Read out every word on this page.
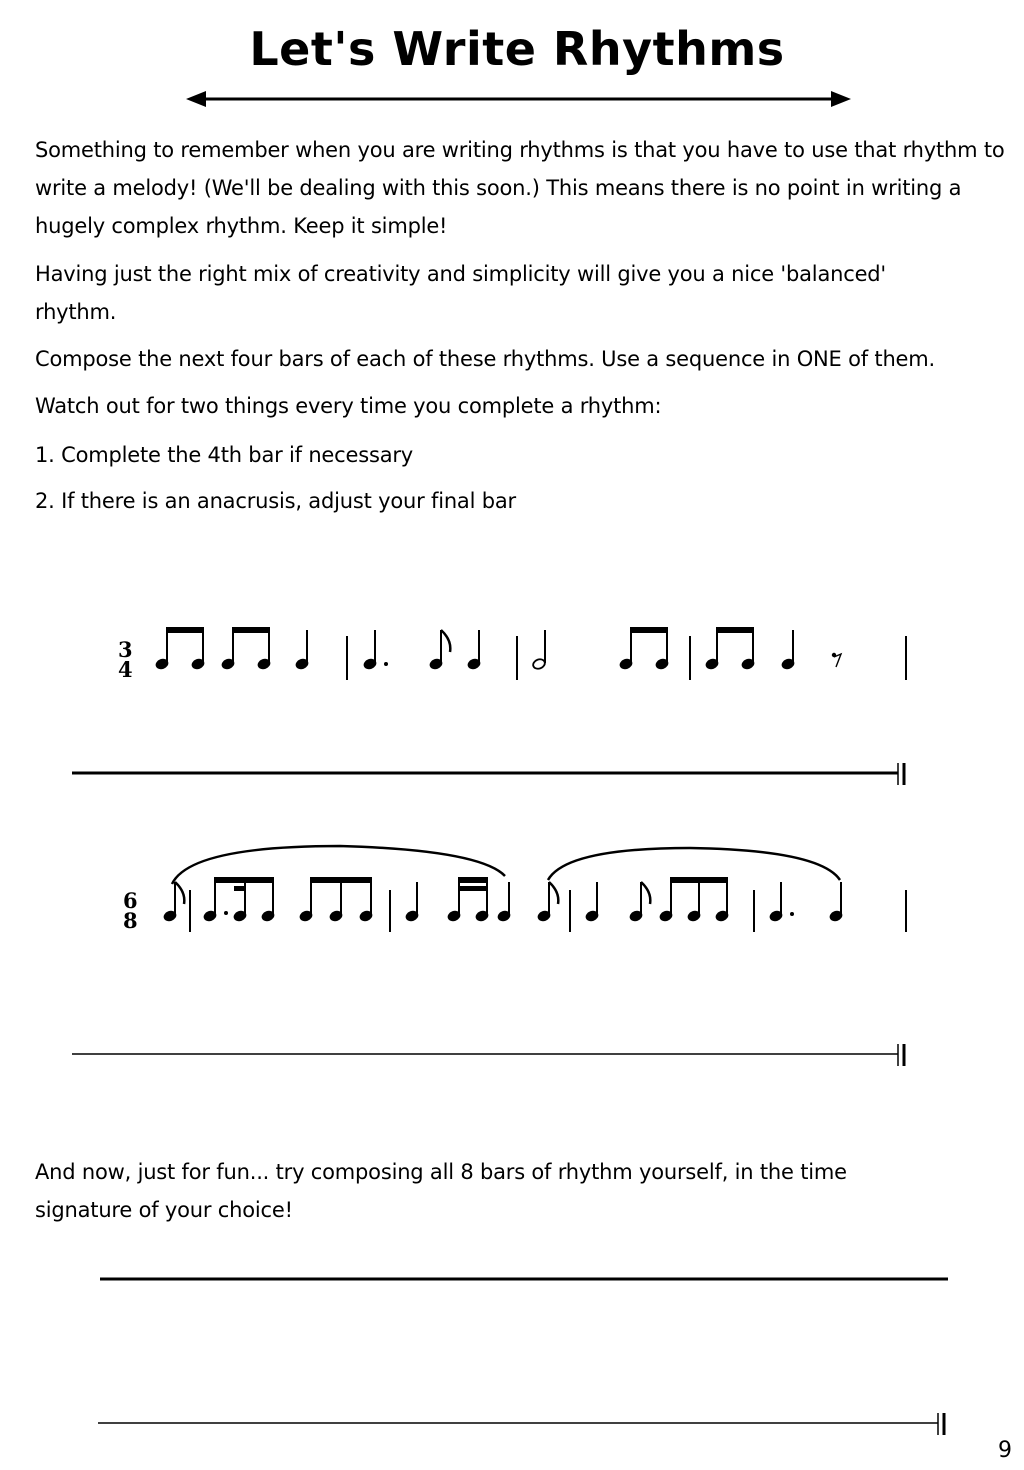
Let's Write Rhythms

Something to remember when you are writing rhythms is that you have to use that rhythm to write a melody! (We'll be dealing with this soon.) This means there is no point in writing a hugely complex rhythm. Keep it simple!

Having just the right mix of creativity and simplicity will give you a nice 'balanced' rhythm.

Compose the next four bars of each of these rhythms. Use a sequence in ONE of them.

Watch out for two things every time you complete a rhythm:

1. Complete the 4th bar if necessary

2. If there is an anacrusis, adjust your final bar

3
4
6
8

And now, just for fun... try composing all 8 bars of rhythm yourself, in the time signature of your choice!

9
